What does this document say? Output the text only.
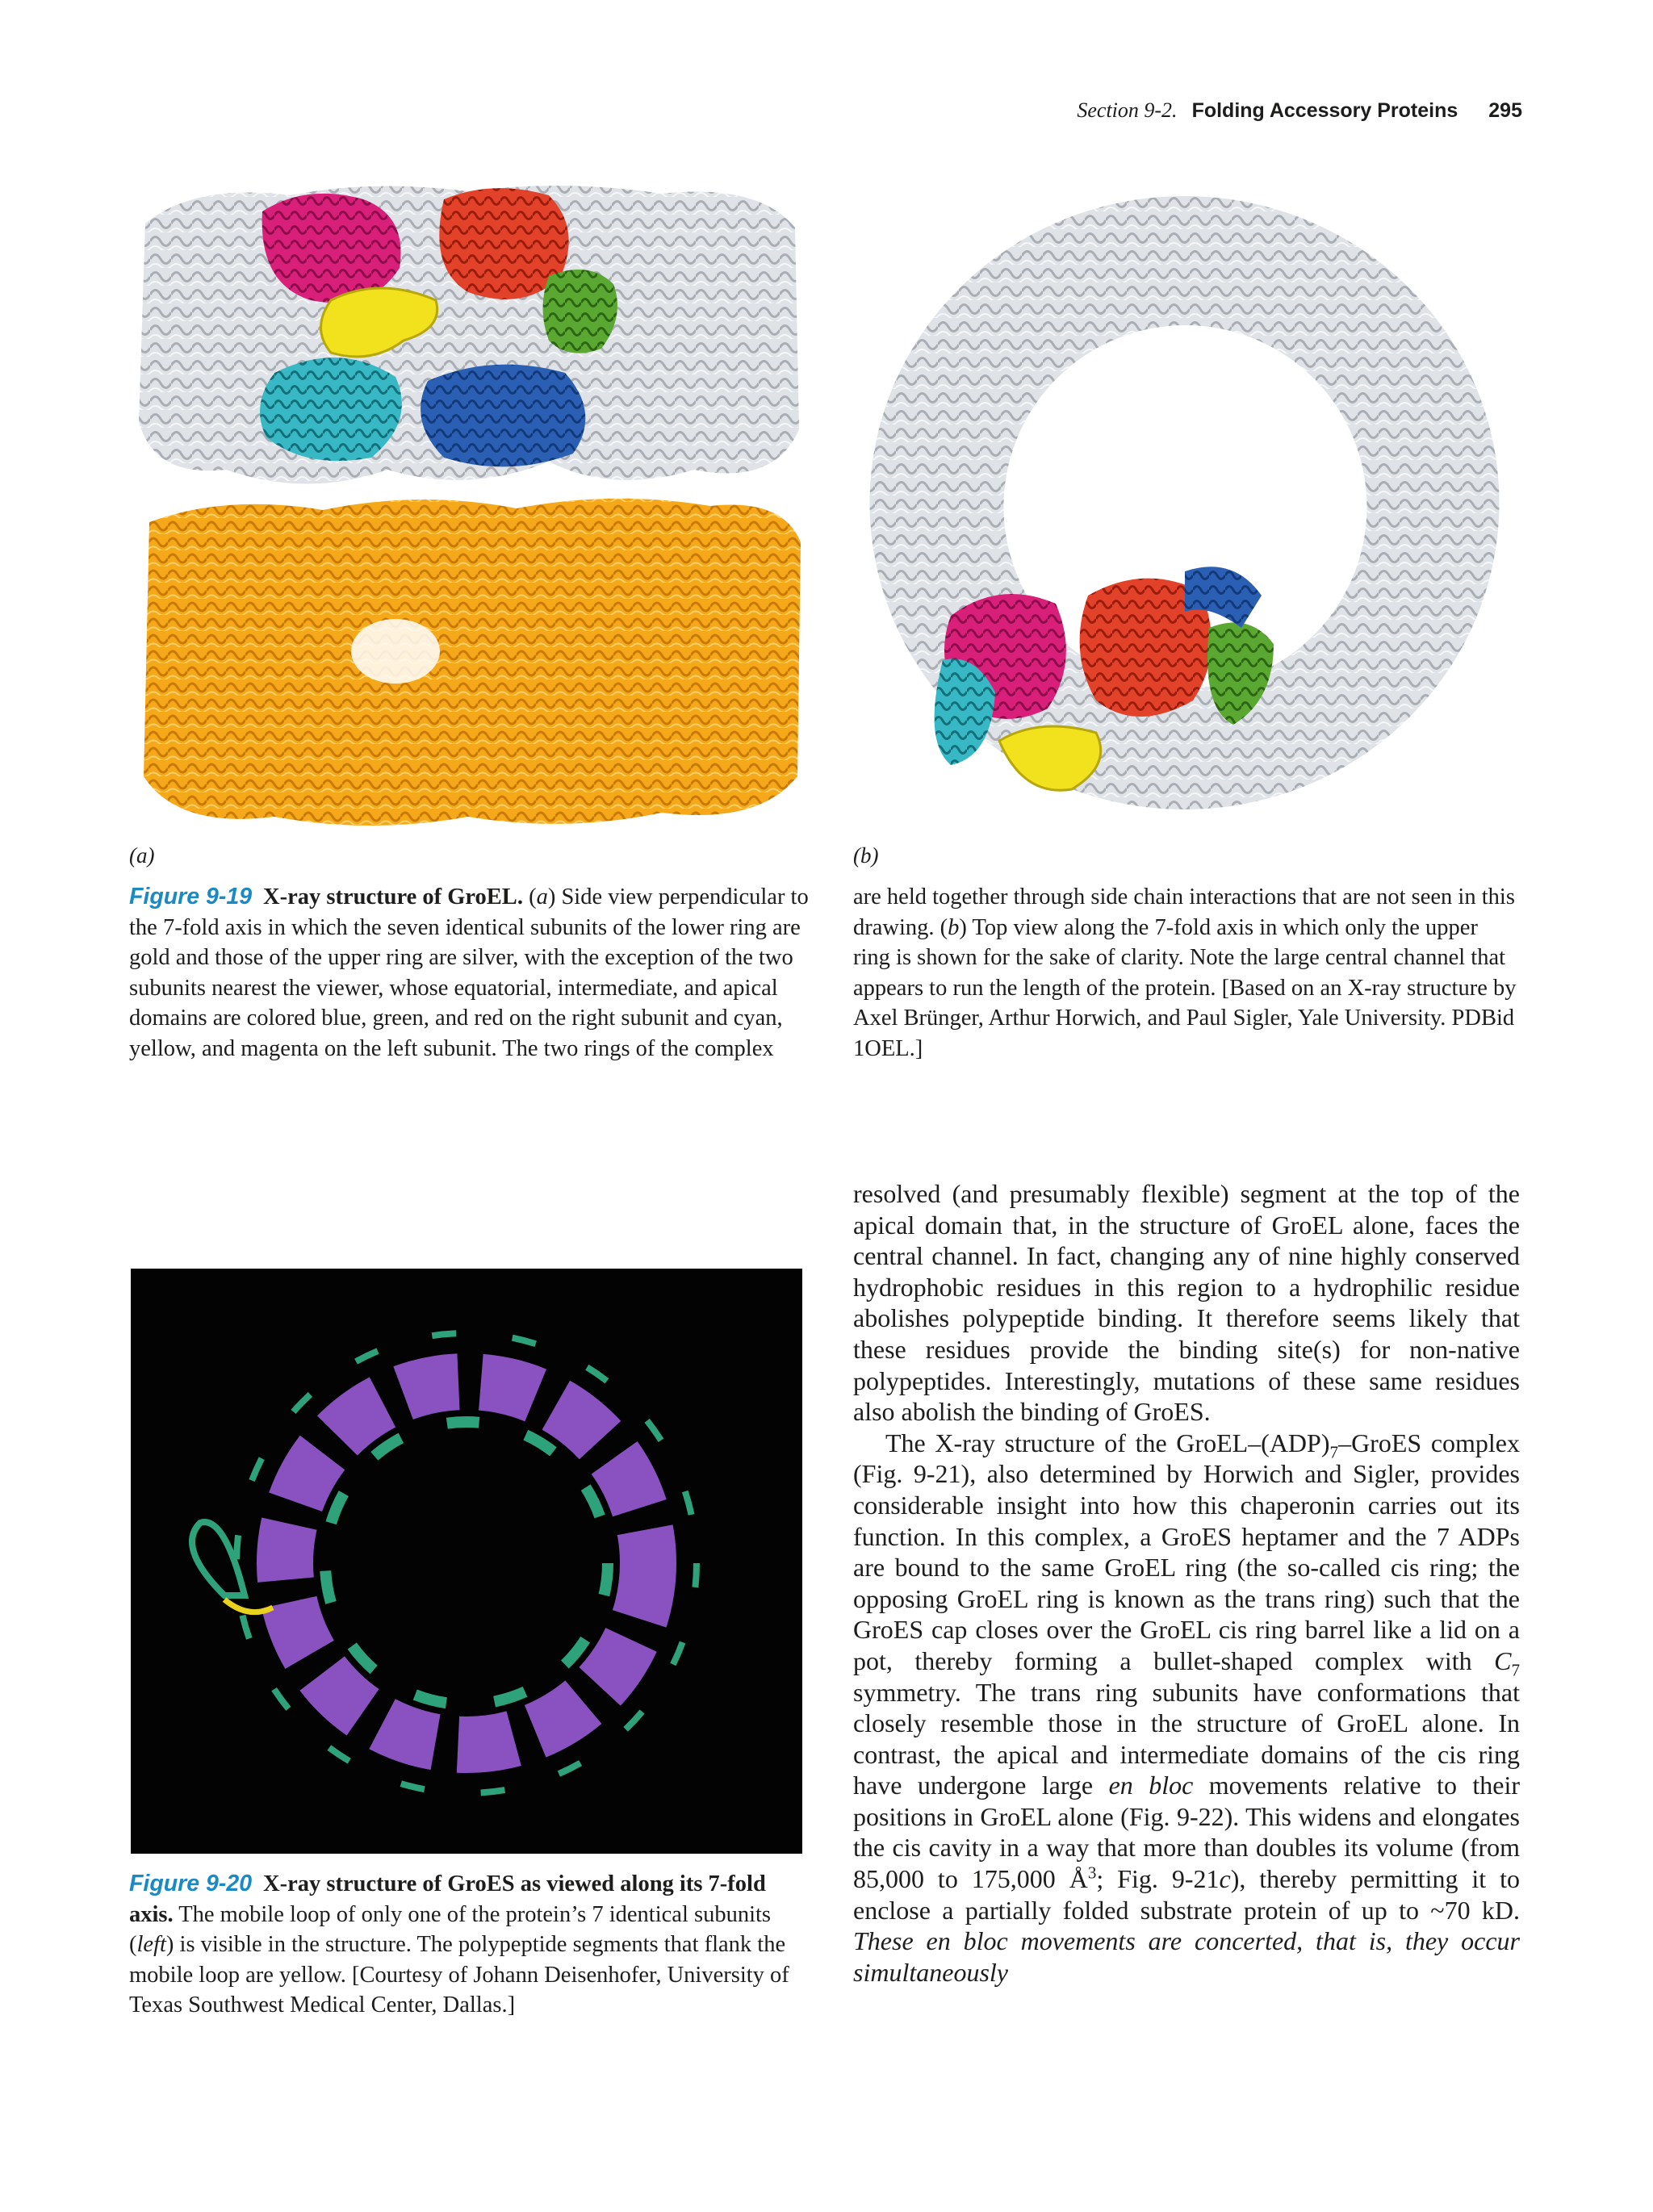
Section 9-2. Folding Accessory Proteins 295
(a)	(b)
Figure 9-19 X-ray structure of GroEL. (a) Side view perpendicular to the 7-fold axis in which the seven identical subunits of the lower ring are gold and those of the upper ring are silver, with the exception of the two subunits nearest the viewer, whose equatorial, intermediate, and apical domains are colored blue, green, and red on the right subunit and cyan, yellow, and magenta on the left subunit. The two rings of the complex
are held together through side chain interactions that are not seen in this drawing. (b) Top view along the 7-fold axis in which only the upper ring is shown for the sake of clarity. Note the large central channel that appears to run the length of the protein. [Based on an X-ray structure by Axel Brünger, Arthur Horwich, and Paul Sigler, Yale University. PDBid 1OEL.]
Figure 9-20 X-ray structure of GroES as viewed along its 7-fold axis. The mobile loop of only one of the protein’s 7 identical subunits (left) is visible in the structure. The polypeptide segments that flank the mobile loop are yellow. [Courtesy of Johann Deisenhofer, University of Texas Southwest Medical Center, Dallas.]

resolved (and presumably flexible) segment at the top of the apical domain that, in the structure of GroEL alone, faces the central channel. In fact, changing any of nine highly conserved hydrophobic residues in this region to a hydrophilic residue abolishes polypeptide binding. It therefore seems likely that these residues provide the binding site(s) for non-native polypeptides. Interestingly, mutations of these same residues also abolish the binding of GroES.

The X-ray structure of the GroEL–$(ADP)_7$–GroES complex (Fig. 9-21), also determined by Horwich and Sigler, provides considerable insight into how this chaperonin carries out its function. In this complex, a GroES heptamer and the 7 ADPs are bound to the same GroEL ring (the so-called cis ring; the opposing GroEL ring is known as the trans ring) such that the GroES cap closes over the GroEL cis ring barrel like a lid on a pot, thereby forming a bullet-shaped complex with $C_7$ symmetry. The trans ring subunits have conformations that closely resemble those in the structure of GroEL alone. In contrast, the apical and intermediate domains of the cis ring have undergone large en bloc movements relative to their positions in GroEL alone (Fig. 9-22). This widens and elongates the cis cavity in a way that more than doubles its volume (from 85,000 to 175,000 $Å^3$; Fig. 9-21c), thereby permitting it to enclose a partially folded substrate protein of up to ~70 kD. These en bloc movements are concerted, that is, they occur simultaneously
